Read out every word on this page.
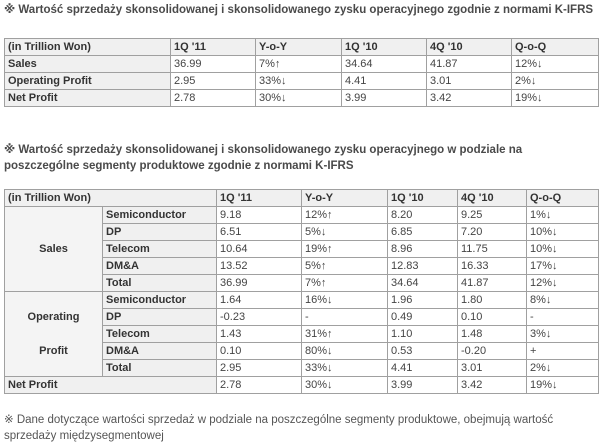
※ Wartość sprzedaży skonsolidowanej i skonsolidowanego zysku operacyjnego zgodnie z normami K-IFRS
(in Trillion Won)	1Q '11	Y-o-Y	1Q '10	4Q '10	Q-o-Q
Sales	36.99	7%↑	34.64	41.87	12%↓
Operating Profit	2.95	33%↓	4.41	3.01	2%↓
Net Profit	2.78	30%↓	3.99	3.42	19%↓
※ Wartość sprzedaży skonsolidowanej i skonsolidowanego zysku operacyjnego w podziale na poszczególne segmenty produktowe zgodnie z normami K-IFRS
(in Trillion Won)		1Q '11	Y-o-Y	1Q '10	4Q '10	Q-o-Q
Sales	Semiconductor	9.18	12%↑	8.20	9.25	1%↓
	DP	6.51	5%↓	6.85	7.20	10%↓
	Telecom	10.64	19%↑	8.96	11.75	10%↓
	DM&A	13.52	5%↑	12.83	16.33	17%↓
	Total	36.99	7%↑	34.64	41.87	12%↓

Operating
Profit	Semiconductor	1.64	16%↓	1.96	1.80	8%↓
	DP	-0.23	-	0.49	0.10	-
	Telecom	1.43	31%↑	1.10	1.48	3%↓
	DM&A	0.10	80%↓	0.53	-0.20	+
	Total	2.95	33%↓	4.41	3.01	2%↓
Net Profit		2.78	30%↓	3.99	3.42	19%↓
※ Dane dotyczące wartości sprzedaż w podziale na poszczególne segmenty produktowe, obejmują wartość sprzedaży międzysegmentowej
